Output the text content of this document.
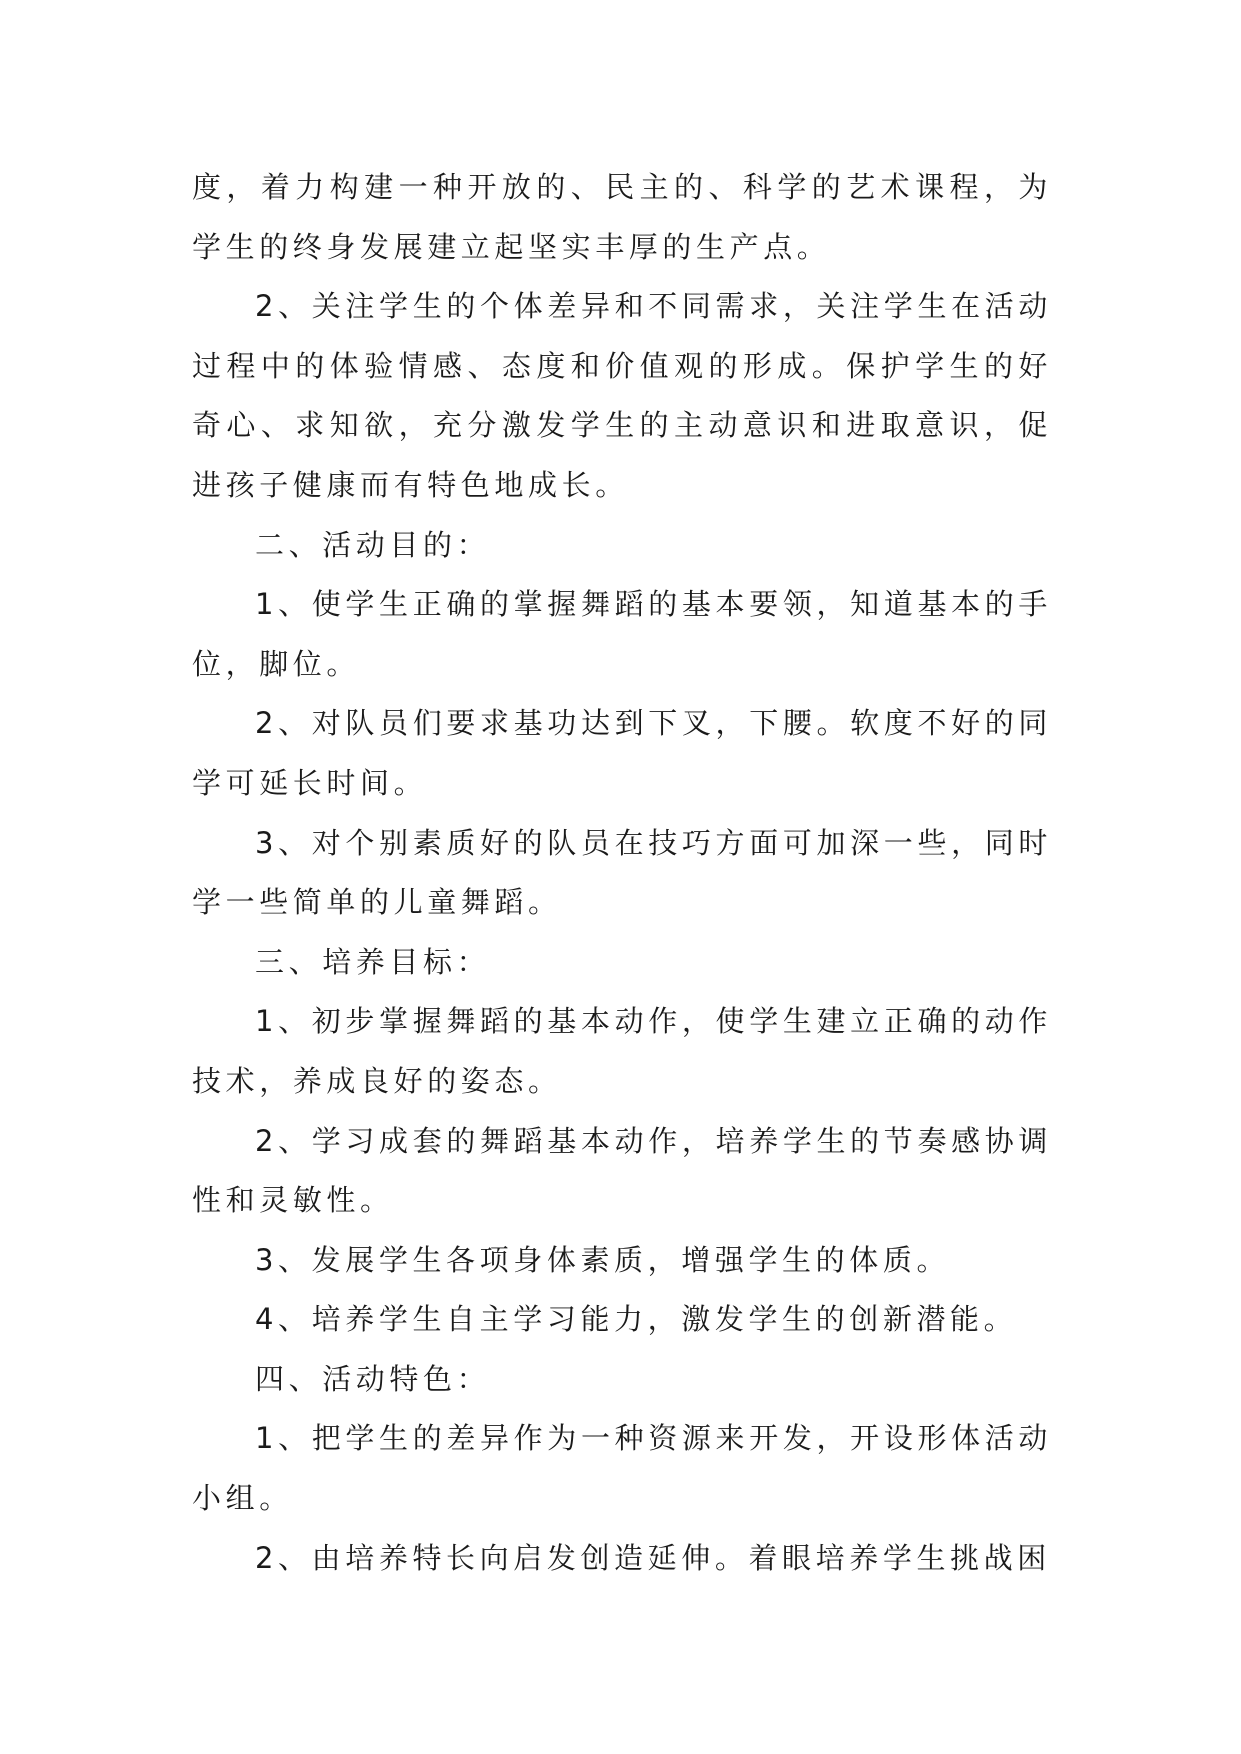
度，着力构建一种开放的、民主的、科学的艺术课程，为学生的终身发展建立起坚实丰厚的生产点。

2、关注学生的个体差异和不同需求，关注学生在活动过程中的体验情感、态度和价值观的形成。保护学生的好奇心、求知欲，充分激发学生的主动意识和进取意识，促进孩子健康而有特色地成长。

二、活动目的：

1、使学生正确的掌握舞蹈的基本要领，知道基本的手位，脚位。

2、对队员们要求基功达到下叉，下腰。软度不好的同学可延长时间。

3、对个别素质好的队员在技巧方面可加深一些，同时学一些简单的儿童舞蹈。

三、培养目标：

1、初步掌握舞蹈的基本动作，使学生建立正确的动作技术，养成良好的姿态。

2、学习成套的舞蹈基本动作，培养学生的节奏感协调性和灵敏性。

3、发展学生各项身体素质，增强学生的体质。

4、培养学生自主学习能力，激发学生的创新潜能。

四、活动特色：

1、把学生的差异作为一种资源来开发，开设形体活动小组。

2、由培养特长向启发创造延伸。着眼培养学生挑战困
